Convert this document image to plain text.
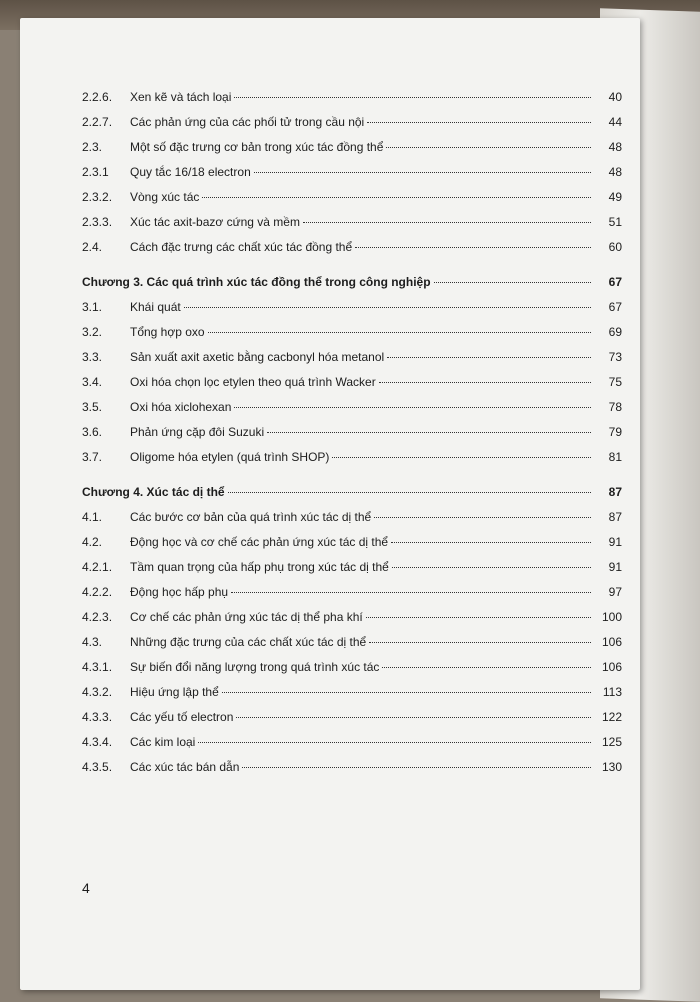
2.2.6.	Xen kẽ và tách loại	40
2.2.7.	Các phản ứng của các phối tử trong cầu nội	44
2.3.	Một số đặc trưng cơ bản trong xúc tác đồng thể	48
2.3.1	Quy tắc 16/18 electron	48
2.3.2.	Vòng xúc tác	49
2.3.3.	Xúc tác axit-bazơ cứng và mềm	51
2.4.	Cách đặc trưng các chất xúc tác đồng thể	60
Chương 3. Các quá trình xúc tác đồng thể trong công nghiệp	67
3.1.	Khái quát	67
3.2.	Tổng hợp oxo	69
3.3.	Sản xuất axit axetic bằng cacbonyl hóa metanol	73
3.4.	Oxi hóa chọn lọc etylen theo quá trình Wacker	75
3.5.	Oxi hóa xiclohexan	78
3.6.	Phản ứng cặp đôi Suzuki	79
3.7.	Oligome hóa etylen (quá trình SHOP)	81
Chương 4. Xúc tác dị thể	87
4.1.	Các bước cơ bản của quá trình xúc tác dị thể	87
4.2.	Động học và cơ chế các phản ứng xúc tác dị thể	91
4.2.1.	Tầm quan trọng của hấp phụ trong xúc tác dị thể	91
4.2.2.	Động học hấp phụ	97
4.2.3.	Cơ chế các phản ứng xúc tác dị thể pha khí	100
4.3.	Những đặc trưng của các chất xúc tác dị thể	106
4.3.1.	Sự biến đổi năng lượng trong quá trình xúc tác	106
4.3.2.	Hiệu ứng lập thể	113
4.3.3.	Các yếu tố electron	122
4.3.4.	Các kim loại	125
4.3.5.	Các xúc tác bán dẫn	130
4
